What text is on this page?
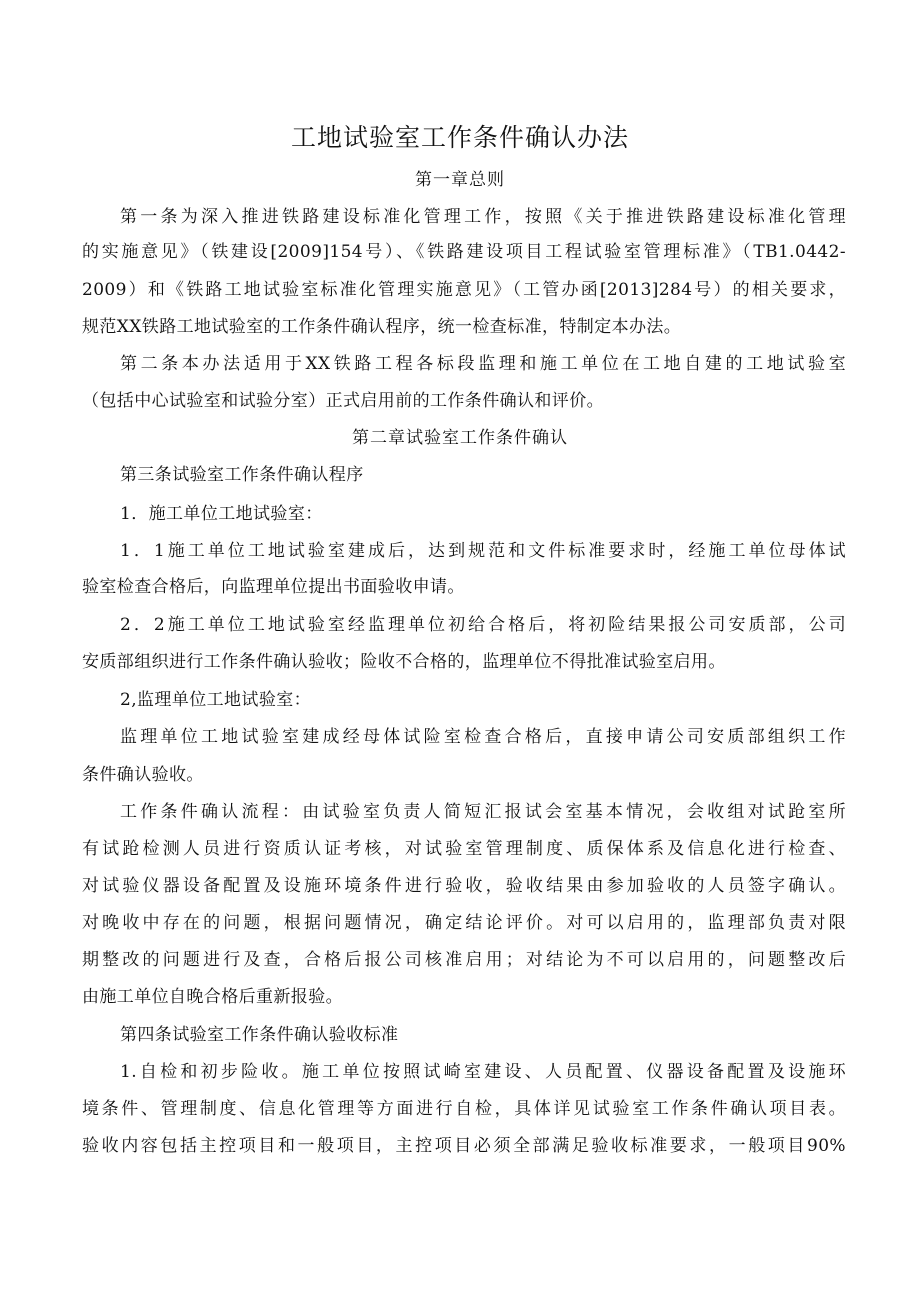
工地试验室工作条件确认办法
第一章总则
第一条为深入推进铁路建设标准化管理工作，按照《关于推进铁路建设标准化管理
的实施意见》（铁建设[2009]154号）、《铁路建设项目工程试验室管理标准》（TB1.0442-
2009）和《铁路工地试验室标准化管理实施意见》（工管办函[2013]284号）的相关要求，
规范XX铁路工地试验室的工作条件确认程序，统一检查标准，特制定本办法。
第二条本办法适用于XX铁路工程各标段监理和施工单位在工地自建的工地试验室
（包括中心试验室和试验分室）正式启用前的工作条件确认和评价。
第二章试验室工作条件确认
第三条试验室工作条件确认程序
1．施工单位工地试验室：
1．1施工单位工地试验室建成后，达到规范和文件标准要求时，经施工单位母体试
验室检查合格后，向监理单位提出书面验收申请。
2．2施工单位工地试验室经监理单位初给合格后，将初险结果报公司安质部，公司
安质部组织进行工作条件确认验收；险收不合格的，监理单位不得批准试验室启用。
2,监理单位工地试验室：
监理单位工地试验室建成经母体试险室检查合格后，直接申请公司安质部组织工作
条件确认验收。
工作条件确认流程：由试验室负责人简短汇报试会室基本情况，会收组对试跄室所
有试跄检测人员进行资质认证考核，对试验室管理制度、质保体系及信息化进行检查、
对试验仪器设备配置及设施环境条件进行验收，验收结果由参加验收的人员签字确认。
对晚收中存在的问题，根据问题情况，确定结论评价。对可以启用的，监理部负责对限
期整改的问题进行及查，合格后报公司核准启用；对结论为不可以启用的，问题整改后
由施工单位自晚合格后重新报验。
第四条试验室工作条件确认验收标准
1.自检和初步险收。施工单位按照试崎室建设、人员配置、仪器设备配置及设施环
境条件、管理制度、信息化管理等方面进行自检，具体详见试验室工作条件确认项目表。
验收内容包括主控项目和一般项目，主控项目必须全部满足验收标准要求，一般项目90%
